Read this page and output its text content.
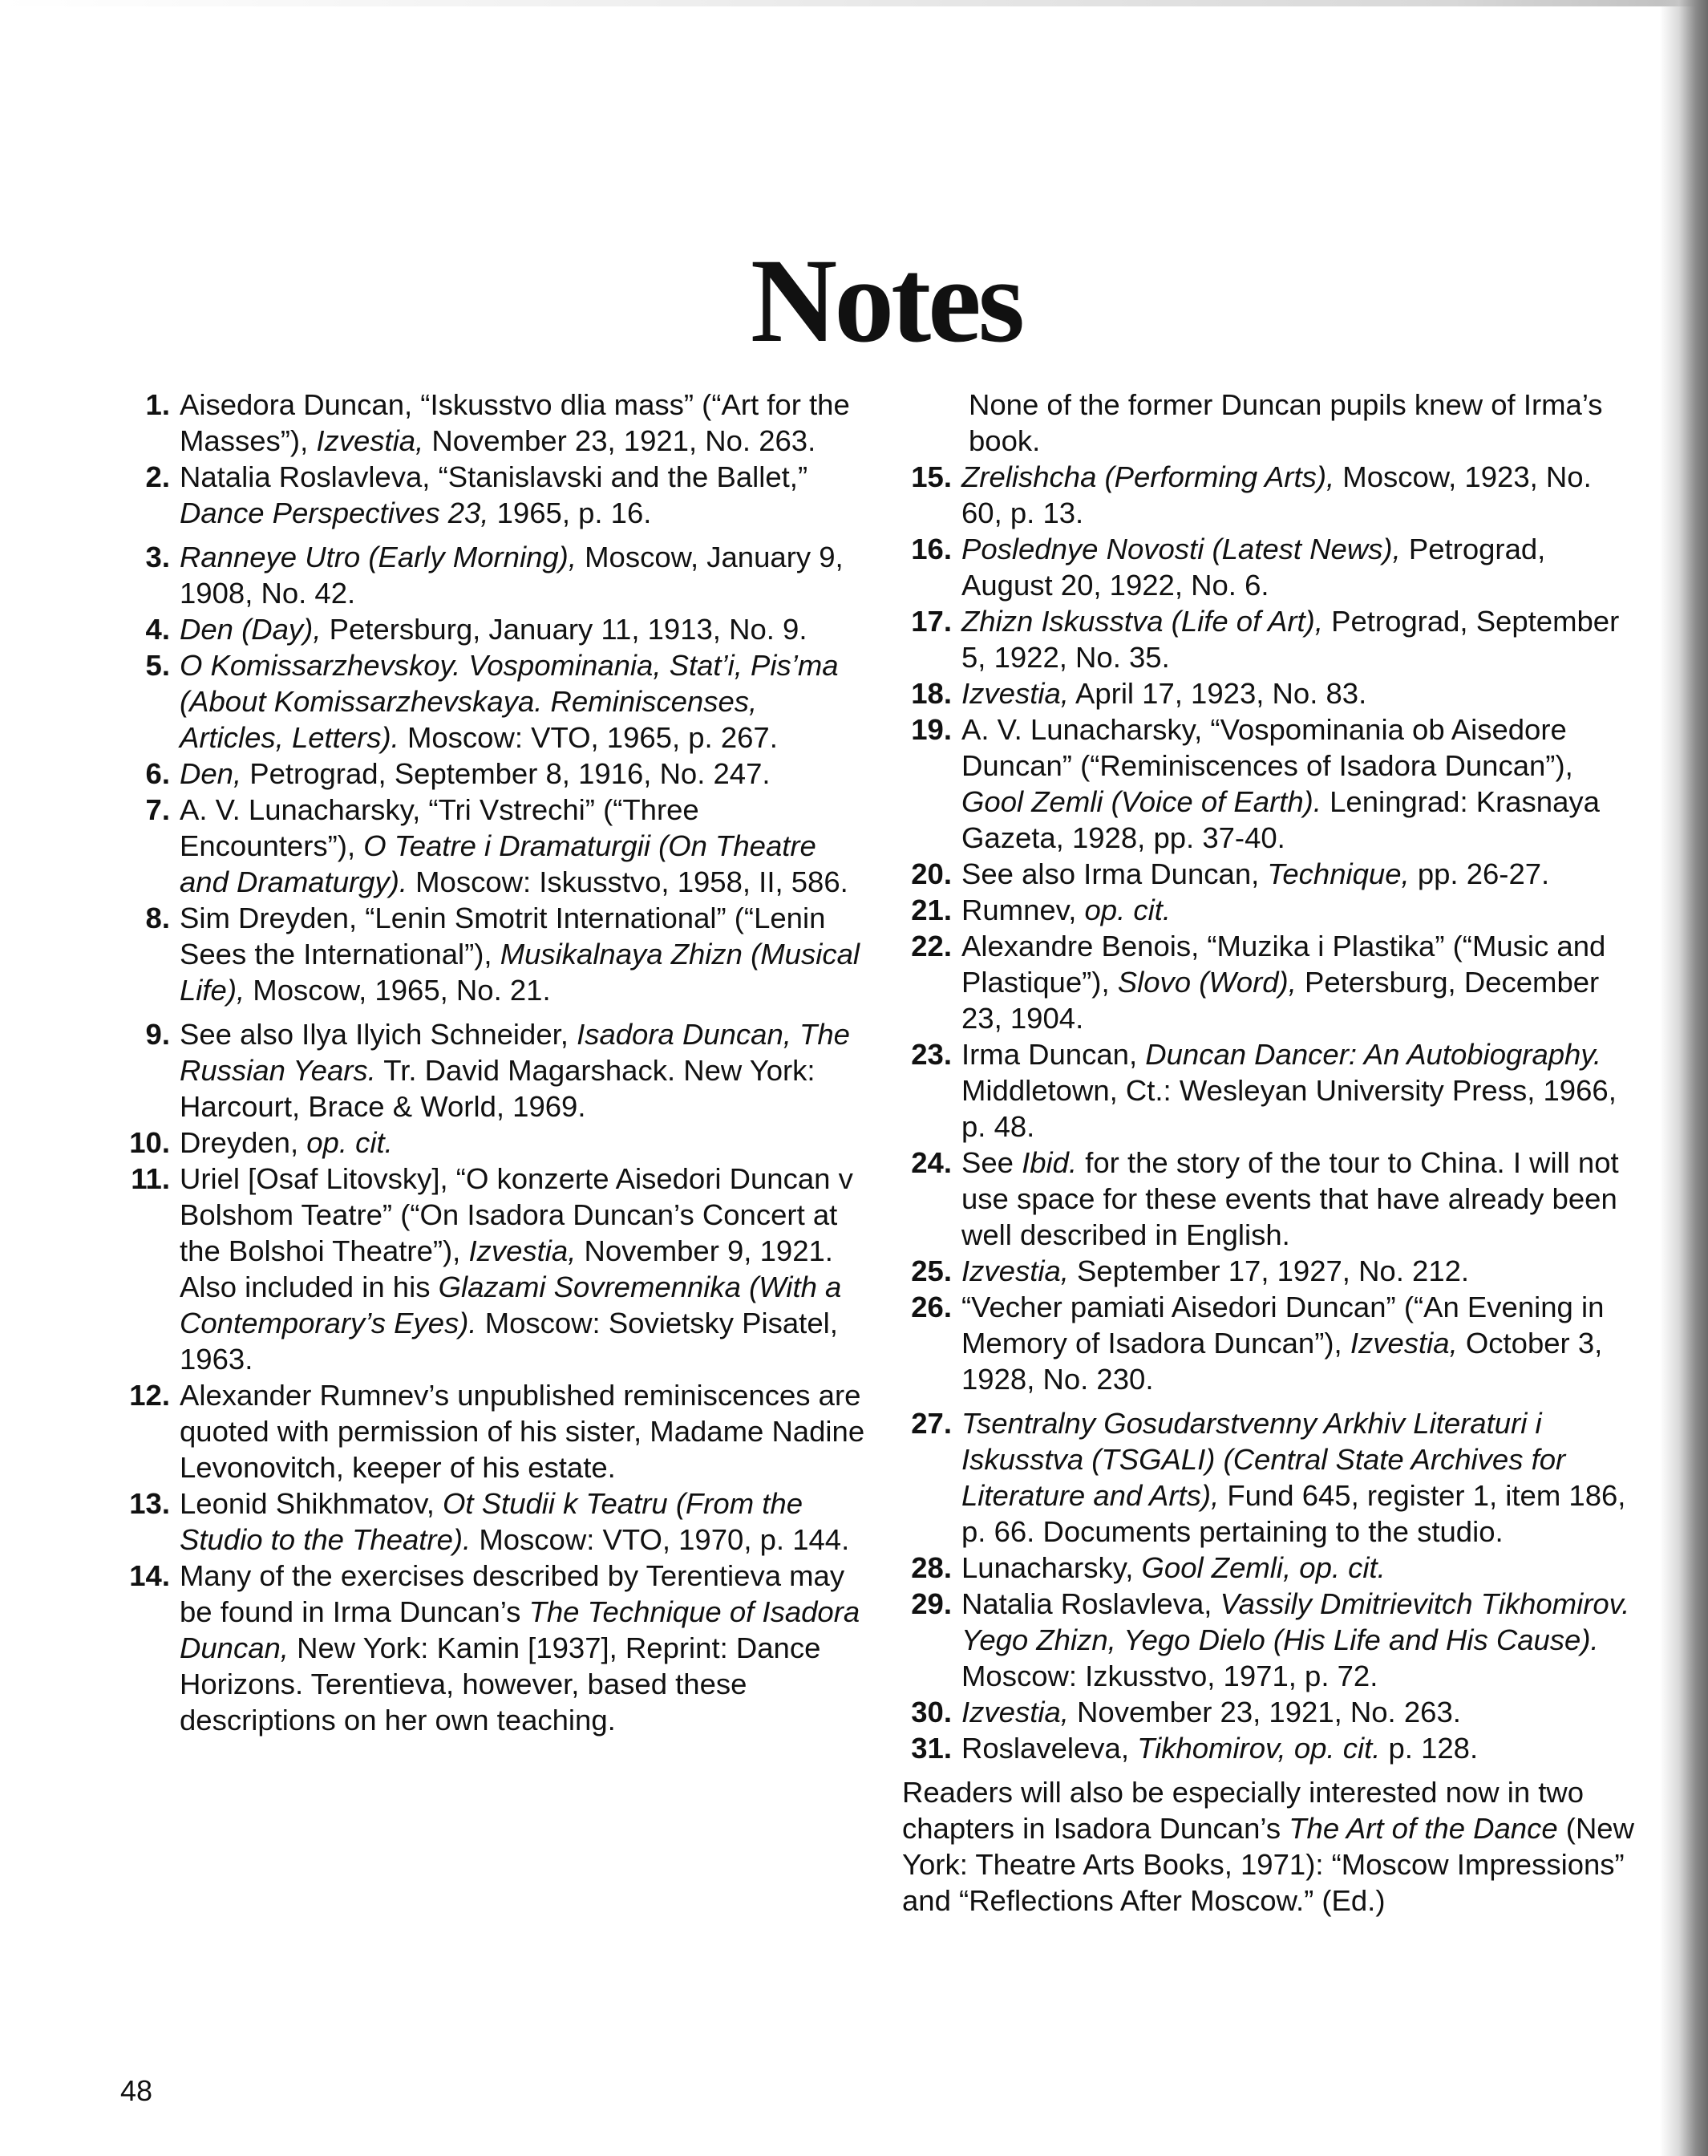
Notes
1. Aisedora Duncan, “Iskusstvo dlia mass” (“Art for the Masses”), Izvestia, November 23, 1921, No. 263.
2. Natalia Roslavleva, “Stanislavski and the Ballet,” Dance Perspectives 23, 1965, p. 16.
3. Ranneye Utro (Early Morning), Moscow, January 9, 1908, No. 42.
4. Den (Day), Petersburg, January 11, 1913, No. 9.
5. O Komissarzhevskoy. Vospominania, Stat’i, Pis’ma (About Komissarzhevskaya. Reminiscenses, Articles, Letters). Moscow: VTO, 1965, p. 267.
6. Den, Petrograd, September 8, 1916, No. 247.
7. A. V. Lunacharsky, “Tri Vstrechi” (“Three Encounters”), O Teatre i Dramaturgii (On Theatre and Dramaturgy). Moscow: Iskusstvo, 1958, II, 586.
8. Sim Dreyden, “Lenin Smotrit International” (“Lenin Sees the International”), Musikalnaya Zhizn (Musical Life), Moscow, 1965, No. 21.
9. See also Ilya Ilyich Schneider, Isadora Duncan, The Russian Years. Tr. David Magarshack. New York: Harcourt, Brace & World, 1969.
10. Dreyden, op. cit.
11. Uriel [Osaf Litovsky], “O konzerte Aisedori Duncan v Bolshom Teatre” (“On Isadora Duncan’s Concert at the Bolshoi Theatre”), Izvestia, November 9, 1921. Also included in his Glazami Sovremennika (With a Contemporary’s Eyes). Moscow: Sovietsky Pisatel, 1963.
12. Alexander Rumnev’s unpublished reminiscences are quoted with permission of his sister, Madame Nadine Levonovitch, keeper of his estate.
13. Leonid Shikhmatov, Ot Studii k Teatru (From the Studio to the Theatre). Moscow: VTO, 1970, p. 144.
14. Many of the exercises described by Terentieva may be found in Irma Duncan’s The Technique of Isadora Duncan, New York: Kamin [1937], Reprint: Dance Horizons. Terentieva, however, based these descriptions on her own teaching.

None of the former Duncan pupils knew of Irma’s book.

15. Zrelishcha (Performing Arts), Moscow, 1923, No. 60, p. 13.
16. Poslednye Novosti (Latest News), Petrograd, August 20, 1922, No. 6.
17. Zhizn Iskusstva (Life of Art), Petrograd, September 5, 1922, No. 35.
18. Izvestia, April 17, 1923, No. 83.
19. A. V. Lunacharsky, “Vospominania ob Aisedore Duncan” (“Reminiscences of Isadora Duncan”), Gool Zemli (Voice of Earth). Leningrad: Krasnaya Gazeta, 1928, pp. 37-40.
20. See also Irma Duncan, Technique, pp. 26-27.
21. Rumnev, op. cit.
22. Alexandre Benois, “Muzika i Plastika” (“Music and Plastique”), Slovo (Word), Petersburg, December 23, 1904.
23. Irma Duncan, Duncan Dancer: An Autobiography. Middletown, Ct.: Wesleyan University Press, 1966, p. 48.
24. See Ibid. for the story of the tour to China. I will not use space for these events that have already been well described in English.
25. Izvestia, September 17, 1927, No. 212.
26. “Vecher pamiati Aisedori Duncan” (“An Evening in Memory of Isadora Duncan”), Izvestia, October 3, 1928, No. 230.
27. Tsentralny Gosudarstvenny Arkhiv Literaturi i Iskusstva (TSGALI) (Central State Archives for Literature and Arts), Fund 645, register 1, item 186, p. 66. Documents pertaining to the studio.
28. Lunacharsky, Gool Zemli, op. cit.
29. Natalia Roslavleva, Vassily Dmitrievitch Tikhomirov. Yego Zhizn, Yego Dielo (His Life and His Cause). Moscow: Izkusstvo, 1971, p. 72.
30. Izvestia, November 23, 1921, No. 263.
31. Roslaveleva, Tikhomirov, op. cit. p. 128.

Readers will also be especially interested now in two chapters in Isadora Duncan’s The Art of the Dance (New York: Theatre Arts Books, 1971): “Moscow Impressions” and “Reflections After Moscow.” (Ed.)

48
